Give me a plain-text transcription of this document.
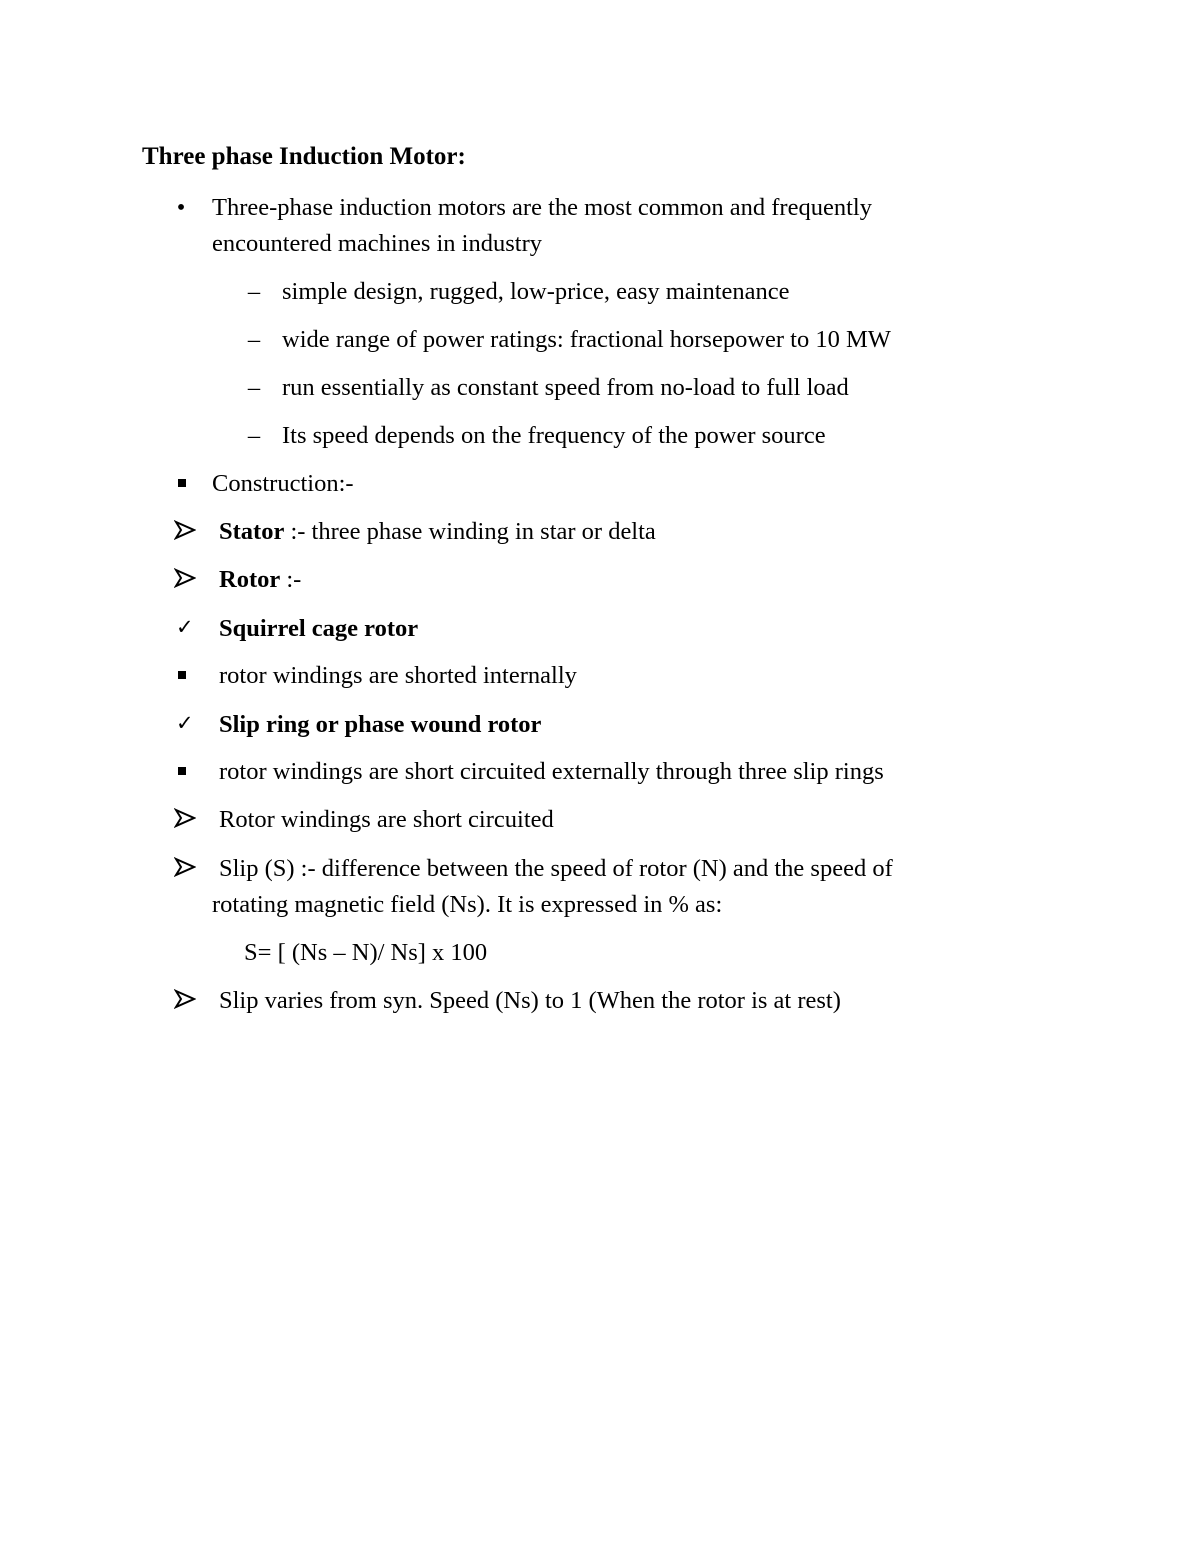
Three phase Induction Motor:
• Three-phase induction motors are the most common and frequently
encountered machines in industry
– simple design, rugged, low-price, easy maintenance
– wide range of power ratings: fractional horsepower to 10 MW
– run essentially as constant speed from no-load to full load
– Its speed depends on the frequency of the power source
Construction:-
Stator :- three phase winding in star or delta
Rotor :-
✓ Squirrel cage rotor
rotor windings are shorted internally
✓ Slip ring or phase wound rotor
rotor windings are short circuited externally through three slip rings
Rotor windings are short circuited
Slip (S) :- difference between the speed of rotor (N) and the speed of
rotating magnetic field (Ns). It is expressed in % as:
S= [ (Ns – N)/ Ns] x 100
Slip varies from syn. Speed (Ns) to 1 (When the rotor is at rest)
